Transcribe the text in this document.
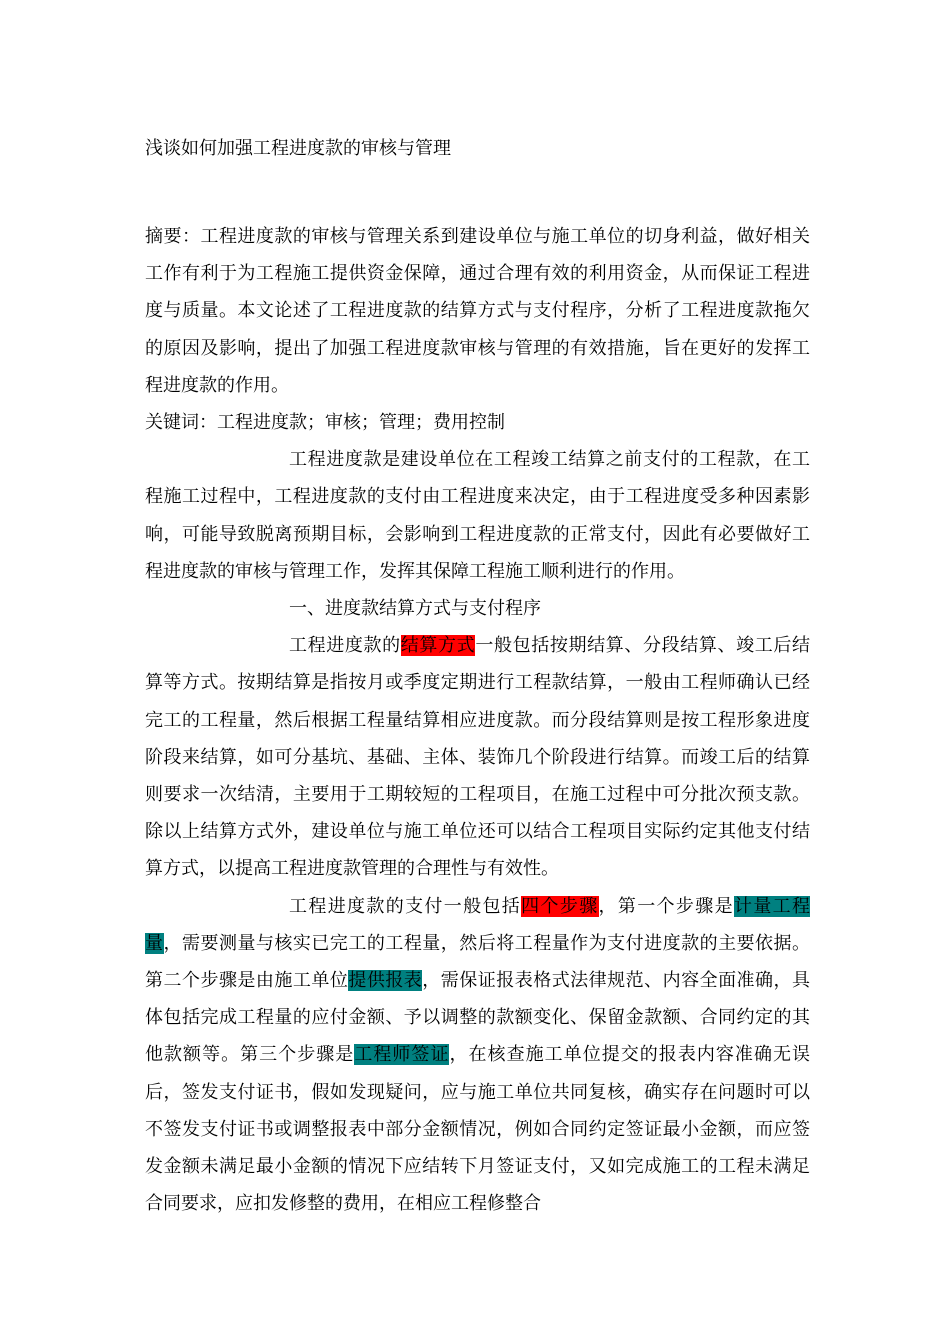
浅谈如何加强工程进度款的审核与管理

摘要：工程进度款的审核与管理关系到建设单位与施工单位的切身利益，做好相关工作有利于为工程施工提供资金保障，通过合理有效的利用资金，从而保证工程进度与质量。本文论述了工程进度款的结算方式与支付程序，分析了工程进度款拖欠的原因及影响，提出了加强工程进度款审核与管理的有效措施，旨在更好的发挥工程进度款的作用。

关键词：工程进度款；审核；管理；费用控制

工程进度款是建设单位在工程竣工结算之前支付的工程款，在工程施工过程中，工程进度款的支付由工程进度来决定，由于工程进度受多种因素影响，可能导致脱离预期目标，会影响到工程进度款的正常支付，因此有必要做好工程进度款的审核与管理工作，发挥其保障工程施工顺利进行的作用。

一、进度款结算方式与支付程序

工程进度款的结算方式一般包括按期结算、分段结算、竣工后结算等方式。按期结算是指按月或季度定期进行工程款结算，一般由工程师确认已经完工的工程量，然后根据工程量结算相应进度款。而分段结算则是按工程形象进度阶段来结算，如可分基坑、基础、主体、装饰几个阶段进行结算。而竣工后的结算则要求一次结清，主要用于工期较短的工程项目，在施工过程中可分批次预支款。除以上结算方式外，建设单位与施工单位还可以结合工程项目实际约定其他支付结算方式，以提高工程进度款管理的合理性与有效性。

工程进度款的支付一般包括四个步骤，第一个步骤是计量工程量，需要测量与核实已完工的工程量，然后将工程量作为支付进度款的主要依据。第二个步骤是由施工单位提供报表，需保证报表格式法律规范、内容全面准确，具体包括完成工程量的应付金额、予以调整的款额变化、保留金款额、合同约定的其他款额等。第三个步骤是工程师签证，在核查施工单位提交的报表内容准确无误后，签发支付证书，假如发现疑问，应与施工单位共同复核，确实存在问题时可以不签发支付证书或调整报表中部分金额情况，例如合同约定签证最小金额，而应签发金额未满足最小金额的情况下应结转下月签证支付，又如完成施工的工程未满足合同要求，应扣发修整的费用，在相应工程修整合
